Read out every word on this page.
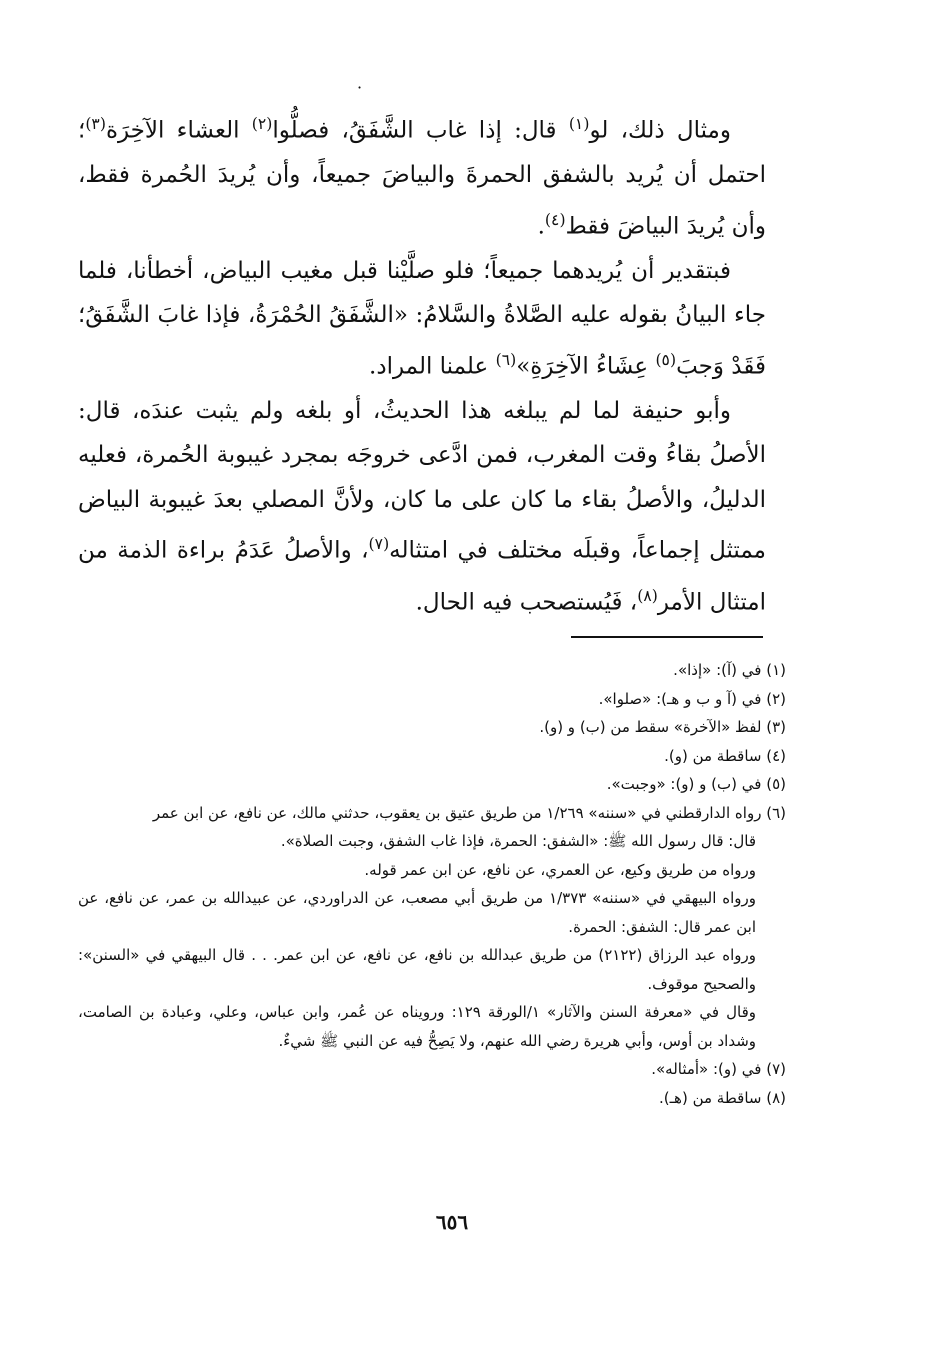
·

ومثال ذلك، لو$^{(١)}$ قال: إذا غاب الشَّفَقُ، فصلُّوا$^{(٢)}$ العشاء الآخِرَة$^{(٣)}$؛ احتمل أن يُريد بالشفق الحمرةَ والبياضَ جميعاً، وأن يُريدَ الحُمرة فقط، وأن يُريدَ البياضَ فقط$^{(٤)}$.

فبتقدير أن يُريدهما جميعاً؛ فلو صلَّيْنا قبل مغيب البياض، أخطأنا، فلما جاء البيانُ بقوله عليه الصَّلاةُ والسَّلامُ: «الشَّفَقُ الحُمْرَةُ، فإذا غابَ الشَّفَقُ؛ فَقَدْ وَجبَ$^{(٥)}$ عِشَاءُ الآخِرَةِ»$^{(٦)}$ علمنا المراد.

وأبو حنيفة لما لم يبلغه هذا الحديثُ، أو بلغه ولم يثبت عندَه، قال: الأصلُ بقاءُ وقت المغرب، فمن ادَّعى خروجَه بمجرد غيبوبة الحُمرة، فعليه الدليلُ، والأصلُ بقاء ما كان على ما كان، ولأنَّ المصلي بعدَ غيبوبة البياض ممتثل إجماعاً، وقبلَه مختلف في امتثاله$^{(٧)}$، والأصلُ عَدَمُ براءة الذمة من امتثال الأمر$^{(٨)}$، فَيُستصحب فيه الحال.

(١) في (آ): «إذا».
(٢) في (آ و ب و هـ): «صلوا».
(٣) لفظ «الآخرة» سقط من (ب) و (و).
(٤) ساقطة من (و).
(٥) في (ب) و (و): «وجبت».
(٦) رواه الدارقطني في «سننه» ١/٢٦٩ من طريق عتيق بن يعقوب، حدثني مالك، عن نافع، عن ابن عمر
قال: قال رسول الله ﷺ: «الشفق: الحمرة، فإذا غاب الشفق، وجبت الصلاة».
ورواه من طريق وكيع، عن العمري، عن نافع، عن ابن عمر قوله.
ورواه البيهقي في «سننه» ١/٣٧٣ من طريق أبي مصعب، عن الدراوردي، عن عبيدالله بن عمر، عن نافع، عن ابن عمر قال: الشفق: الحمرة.
ورواه عبد الرزاق (٢١٢٢) من طريق عبدالله بن نافع، عن نافع، عن ابن عمر. . . قال البيهقي في «السنن»: والصحيح موقوف.
وقال في «معرفة السنن والآثار» ١/الورقة ١٢٩: ورويناه عن عُمر، وابن عباس، وعلي، وعبادة بن الصامت، وشداد بن أوس، وأبي هريرة رضي الله عنهم، ولا يَصِحُّ فيه عن النبي ﷺ شيءٌ.
(٧) في (و): «أمثاله».
(٨) ساقطة من (هـ).
٦٥٦
